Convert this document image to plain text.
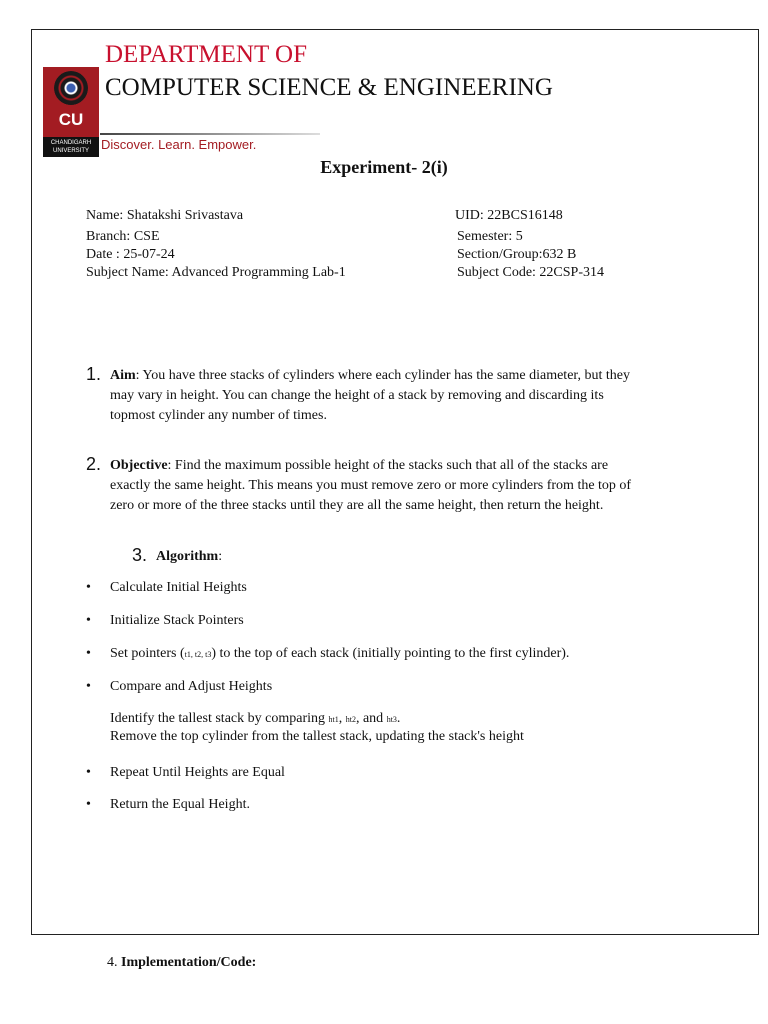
CU
CHANDIGARH UNIVERSITY
DEPARTMENT OF
COMPUTER SCIENCE & ENGINEERING
Discover. Learn. Empower.
Experiment- 2(i)
Name: Shatakshi Srivastava	UID: 22BCS16148
Branch: CSE	Semester: 5
Date : 25-07-24	Section/Group:632 B
Subject Name: Advanced Programming Lab-1	Subject Code: 22CSP-314
1. Aim: You have three stacks of cylinders where each cylinder has the same diameter, but they
may vary in height. You can change the height of a stack by removing and discarding its
topmost cylinder any number of times.
2. Objective: Find the maximum possible height of the stacks such that all of the stacks are
exactly the same height. This means you must remove zero or more cylinders from the top of
zero or more of the three stacks until they are all the same height, then return the height.
3. Algorithm:
• Calculate Initial Heights
• Initialize Stack Pointers
• Set pointers (t1, t2, t3) to the top of each stack (initially pointing to the first cylinder).
• Compare and Adjust Heights
Identify the tallest stack by comparing ht1, ht2, and ht3.
Remove the top cylinder from the tallest stack, updating the stack's height
• Repeat Until Heights are Equal
• Return the Equal Height.
4. Implementation/Code:
